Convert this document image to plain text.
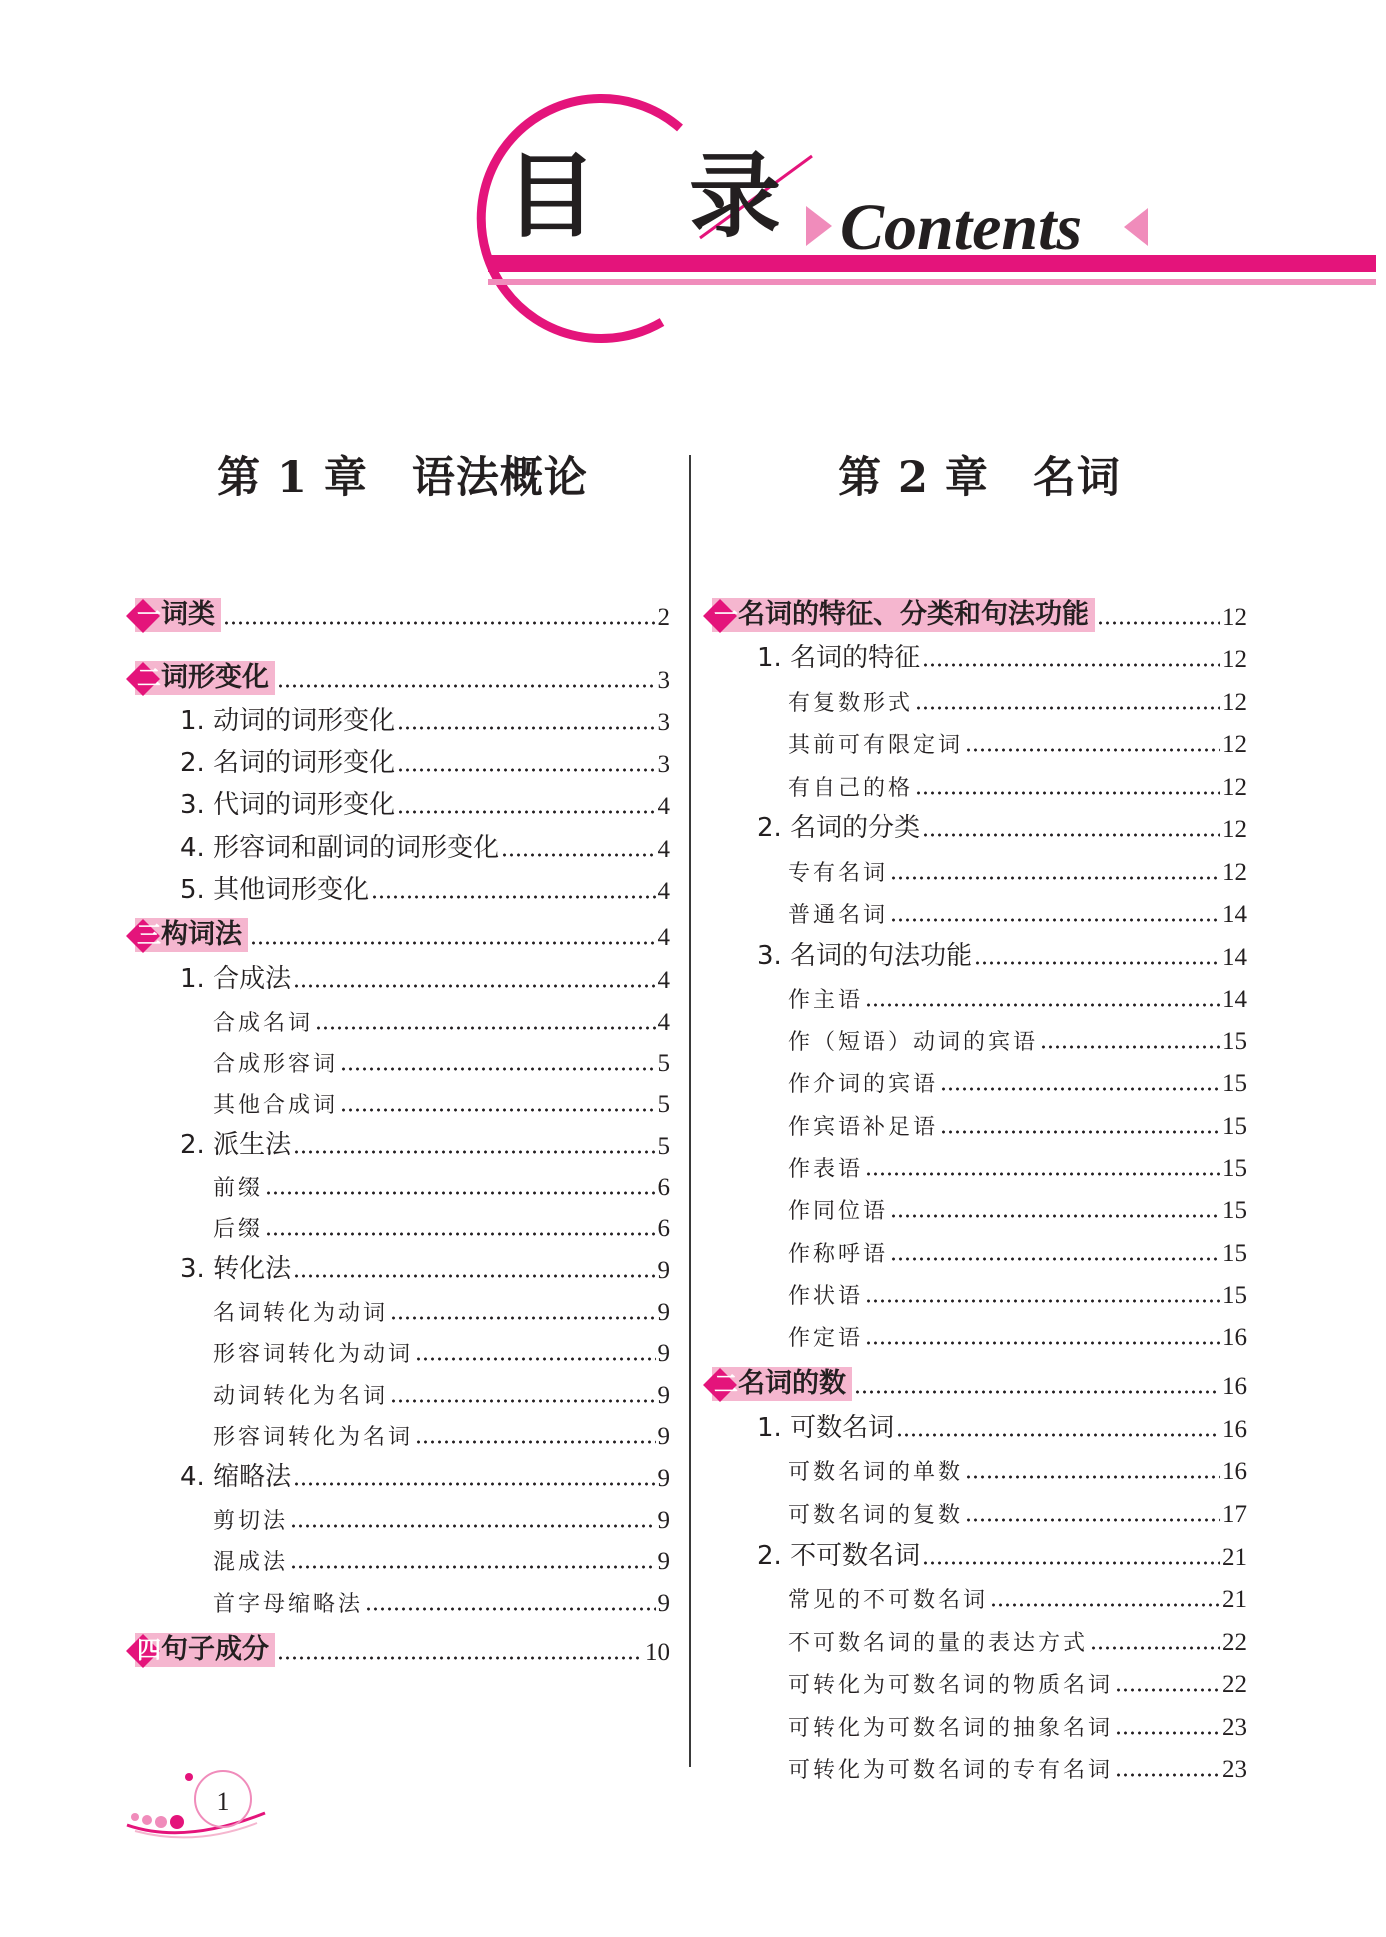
目 录 Contents
第 1 章　语法概论
一 词类	2
二 词形变化	3
1. 动词的词形变化	3
2. 名词的词形变化	3
3. 代词的词形变化	4
4. 形容词和副词的词形变化	4
5. 其他词形变化	4
三 构词法	4
1. 合成法	4
合成名词	4
合成形容词	5
其他合成词	5
2. 派生法	5
前缀	6
后缀	6
3. 转化法	9
名词转化为动词	9
形容词转化为动词	9
动词转化为名词	9
形容词转化为名词	9
4. 缩略法	9
剪切法	9
混成法	9
首字母缩略法	9
四 句子成分	10
第 2 章　名词
一 名词的特征、分类和句法功能	12
1. 名词的特征	12
有复数形式	12
其前可有限定词	12
有自己的格	12
2. 名词的分类	12
专有名词	12
普通名词	14
3. 名词的句法功能	14
作主语	14
作（短语）动词的宾语	15
作介词的宾语	15
作宾语补足语	15
作表语	15
作同位语	15
作称呼语	15
作状语	15
作定语	16
二 名词的数	16
1. 可数名词	16
可数名词的单数	16
可数名词的复数	17
2. 不可数名词	21
常见的不可数名词	21
不可数名词的量的表达方式	22
可转化为可数名词的物质名词	22
可转化为可数名词的抽象名词	23
可转化为可数名词的专有名词	23
1
